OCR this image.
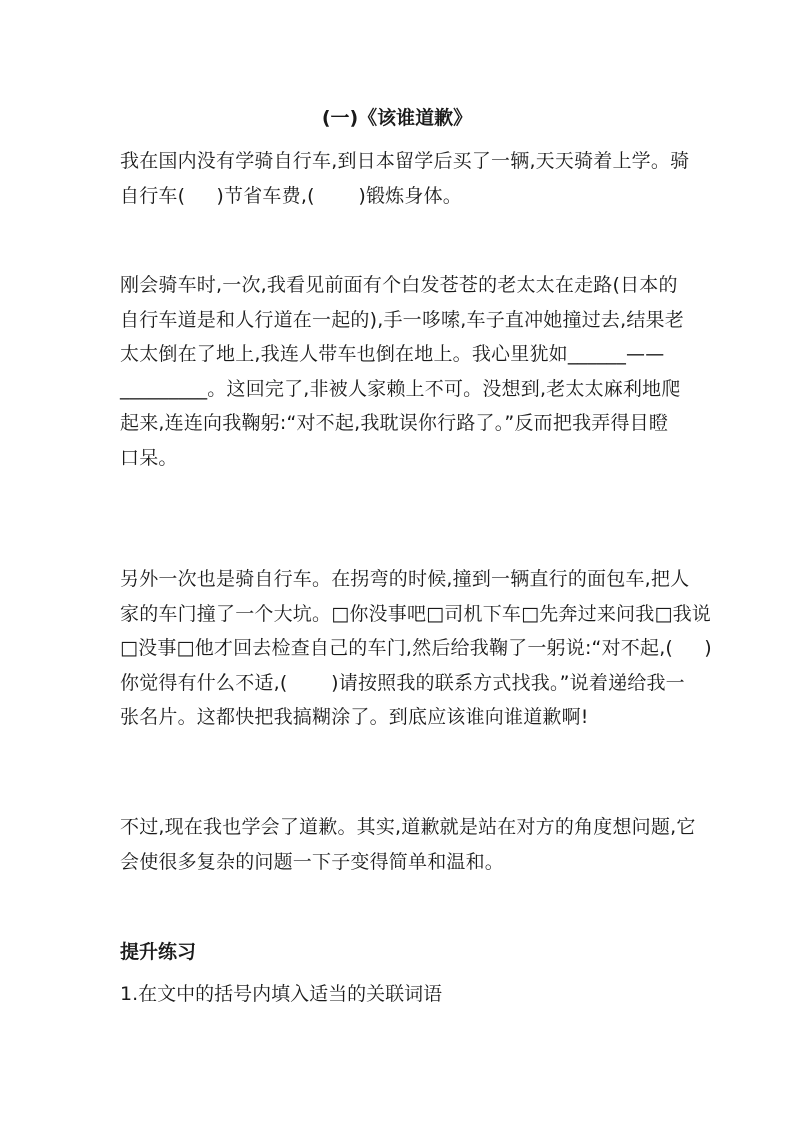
(一)《该谁道歉》
我在国内没有学骑自行车,到日本留学后买了一辆,天天骑着上学。骑
自行车(     )节省车费,(       )锻炼身体。
刚会骑车时,一次,我看见前面有个白发苍苍的老太太在走路(日本的
自行车道是和人行道在一起的),手一哆嗦,车子直冲她撞过去,结果老
太太倒在了地上,我连人带车也倒在地上。我心里犹如______——
_________。这回完了,非被人家赖上不可。没想到,老太太麻利地爬
起来,连连向我鞠躬:“对不起,我耽误你行路了。”反而把我弄得目瞪
口呆。
另外一次也是骑自行车。在拐弯的时候,撞到一辆直行的面包车,把人
家的车门撞了一个大坑。□你没事吧□司机下车□先奔过来问我□我说
□没事□他才回去检查自己的车门,然后给我鞠了一躬说:“对不起,(     )
你觉得有什么不适,(       )请按照我的联系方式找我。”说着递给我一
张名片。这都快把我搞糊涂了。到底应该谁向谁道歉啊!
不过,现在我也学会了道歉。其实,道歉就是站在对方的角度想问题,它
会使很多复杂的问题一下子变得简单和温和。
提升练习
1.在文中的括号内填入适当的关联词语
